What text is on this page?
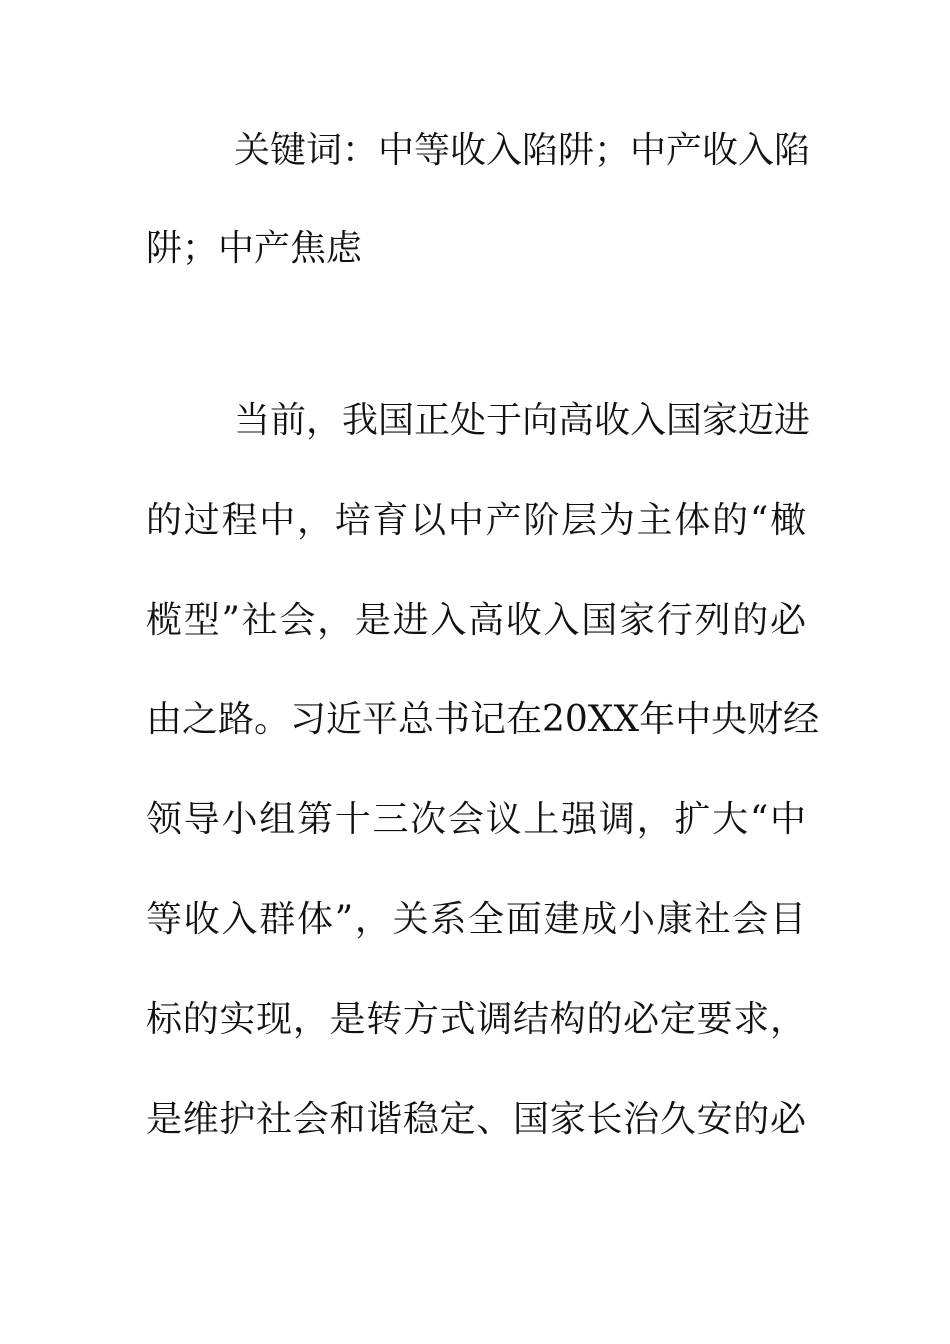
关键词：中等收入陷阱；中产收入陷
阱；中产焦虑
当前，我国正处于向高收入国家迈进
的过程中，培育以中产阶层为主体的“橄
榄型”社会，是进入高收入国家行列的必
由之路。习近平总书记在20XX年中央财经
领导小组第十三次会议上强调，扩大“中
等收入群体”，关系全面建成小康社会目
标的实现，是转方式调结构的必定要求，
是维护社会和谐稳定、国家长治久安的必
